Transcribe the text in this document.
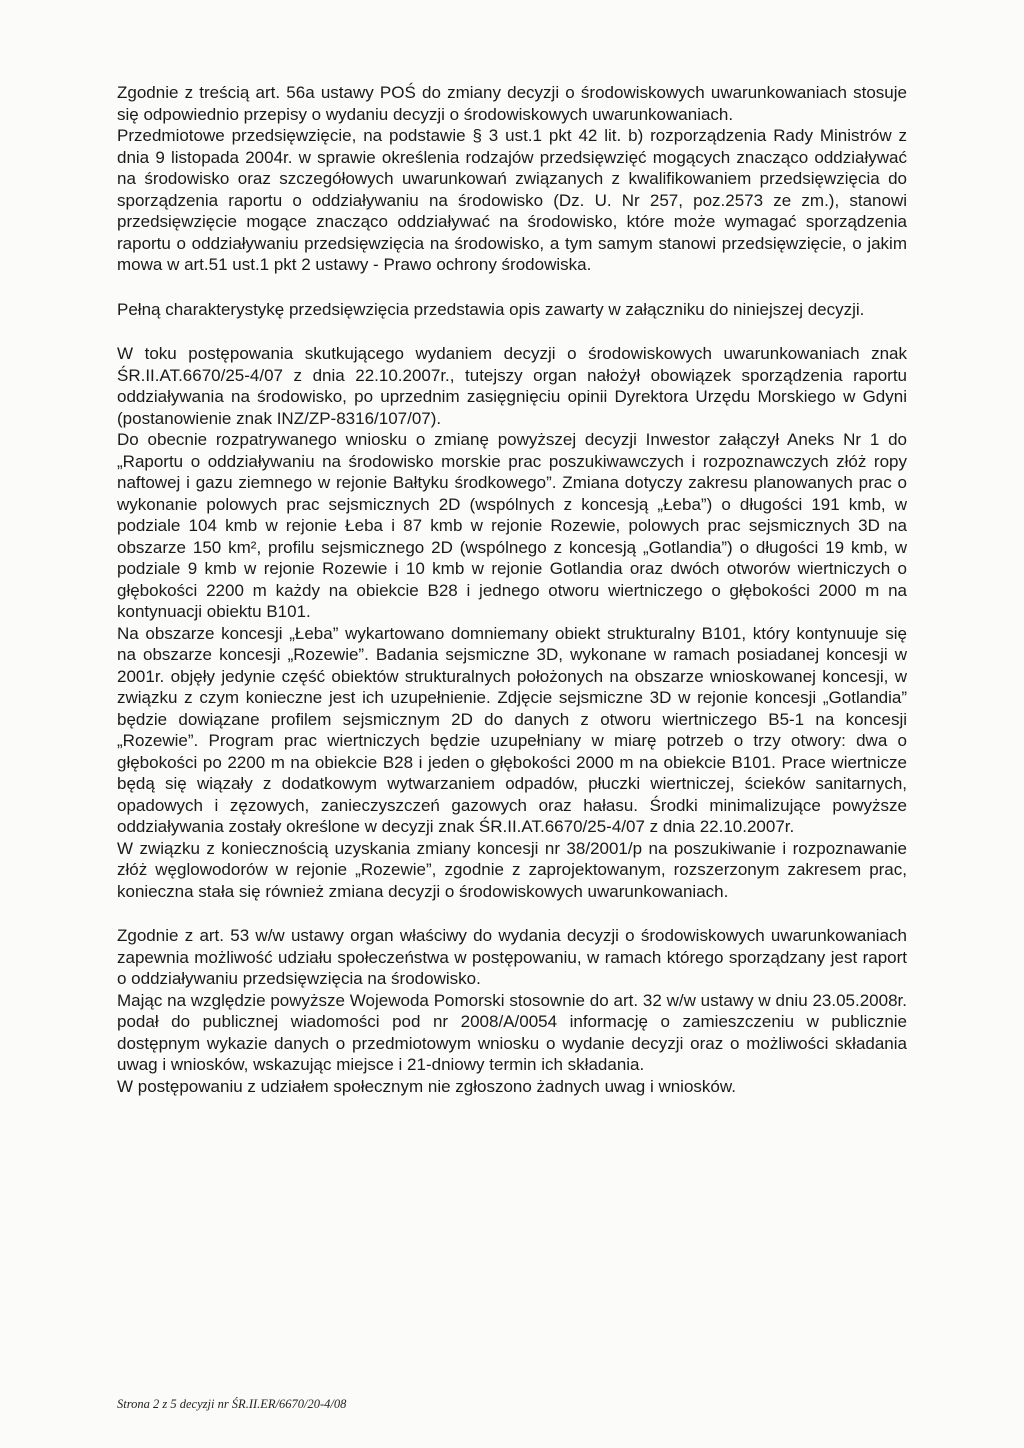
Zgodnie z treścią art. 56a ustawy POŚ do zmiany decyzji o środowiskowych uwarunkowaniach stosuje się odpowiednio przepisy o wydaniu decyzji o środowiskowych uwarunkowaniach.

Przedmiotowe przedsięwzięcie, na podstawie § 3 ust.1 pkt 42 lit. b) rozporządzenia Rady Ministrów z dnia 9 listopada 2004r. w sprawie określenia rodzajów przedsięwzięć mogących znacząco oddziaływać na środowisko oraz szczegółowych uwarunkowań związanych z kwalifikowaniem przedsięwzięcia do sporządzenia raportu o oddziaływaniu na środowisko (Dz. U. Nr 257, poz.2573 ze zm.), stanowi przedsięwzięcie mogące znacząco oddziaływać na środowisko, które może wymagać sporządzenia raportu o oddziaływaniu przedsięwzięcia na środowisko, a tym samym stanowi przedsięwzięcie, o jakim mowa w art.51 ust.1 pkt 2 ustawy - Prawo ochrony środowiska.

Pełną charakterystykę przedsięwzięcia przedstawia opis zawarty w załączniku do niniejszej decyzji.

W toku postępowania skutkującego wydaniem decyzji o środowiskowych uwarunkowaniach znak ŚR.II.AT.6670/25-4/07 z dnia 22.10.2007r., tutejszy organ nałożył obowiązek sporządzenia raportu oddziaływania na środowisko, po uprzednim zasięgnięciu opinii Dyrektora Urzędu Morskiego w Gdyni (postanowienie znak INZ/ZP-8316/107/07).

Do obecnie rozpatrywanego wniosku o zmianę powyższej decyzji Inwestor załączył Aneks Nr 1 do „Raportu o oddziaływaniu na środowisko morskie prac poszukiwawczych i rozpoznawczych złóż ropy naftowej i gazu ziemnego w rejonie Bałtyku środkowego”. Zmiana dotyczy zakresu planowanych prac o wykonanie polowych prac sejsmicznych 2D (wspólnych z koncesją „Łeba”) o długości 191 kmb, w podziale 104 kmb w rejonie Łeba i 87 kmb w rejonie Rozewie, polowych prac sejsmicznych 3D na obszarze 150 km², profilu sejsmicznego 2D (wspólnego z koncesją „Gotlandia”) o długości 19 kmb, w podziale 9 kmb w rejonie Rozewie i 10 kmb w rejonie Gotlandia oraz dwóch otworów wiertniczych o głębokości 2200 m każdy na obiekcie B28 i jednego otworu wiertniczego o głębokości 2000 m na kontynuacji obiektu B101.

Na obszarze koncesji „Łeba” wykartowano domniemany obiekt strukturalny B101, który kontynuuje się na obszarze koncesji „Rozewie”. Badania sejsmiczne 3D, wykonane w ramach posiadanej koncesji w 2001r. objęły jedynie część obiektów strukturalnych położonych na obszarze wnioskowanej koncesji, w związku z czym konieczne jest ich uzupełnienie. Zdjęcie sejsmiczne 3D w rejonie koncesji „Gotlandia” będzie dowiązane profilem sejsmicznym 2D do danych z otworu wiertniczego B5-1 na koncesji „Rozewie”. Program prac wiertniczych będzie uzupełniany w miarę potrzeb o trzy otwory: dwa o głębokości po 2200 m na obiekcie B28 i jeden o głębokości 2000 m na obiekcie B101. Prace wiertnicze będą się wiązały z dodatkowym wytwarzaniem odpadów, płuczki wiertniczej, ścieków sanitarnych, opadowych i zęzowych, zanieczyszczeń gazowych oraz hałasu. Środki minimalizujące powyższe oddziaływania zostały określone w decyzji znak ŚR.II.AT.6670/25-4/07 z dnia 22.10.2007r.

W związku z koniecznością uzyskania zmiany koncesji nr 38/2001/p na poszukiwanie i rozpoznawanie złóż węglowodorów w rejonie „Rozewie”, zgodnie z zaprojektowanym, rozszerzonym zakresem prac, konieczna stała się również zmiana decyzji o środowiskowych uwarunkowaniach.

Zgodnie z art. 53 w/w ustawy organ właściwy do wydania decyzji o środowiskowych uwarunkowaniach zapewnia możliwość udziału społeczeństwa w postępowaniu, w ramach którego sporządzany jest raport o oddziaływaniu przedsięwzięcia na środowisko.

Mając na względzie powyższe Wojewoda Pomorski stosownie do art. 32 w/w ustawy w dniu 23.05.2008r. podał do publicznej wiadomości pod nr 2008/A/0054 informację o zamieszczeniu w publicznie dostępnym wykazie danych o przedmiotowym wniosku o wydanie decyzji oraz o możliwości składania uwag i wniosków, wskazując miejsce i 21-dniowy termin ich składania.

W postępowaniu z udziałem społecznym nie zgłoszono żadnych uwag i wniosków.

Strona 2 z 5 decyzji nr ŚR.II.ER/6670/20-4/08
